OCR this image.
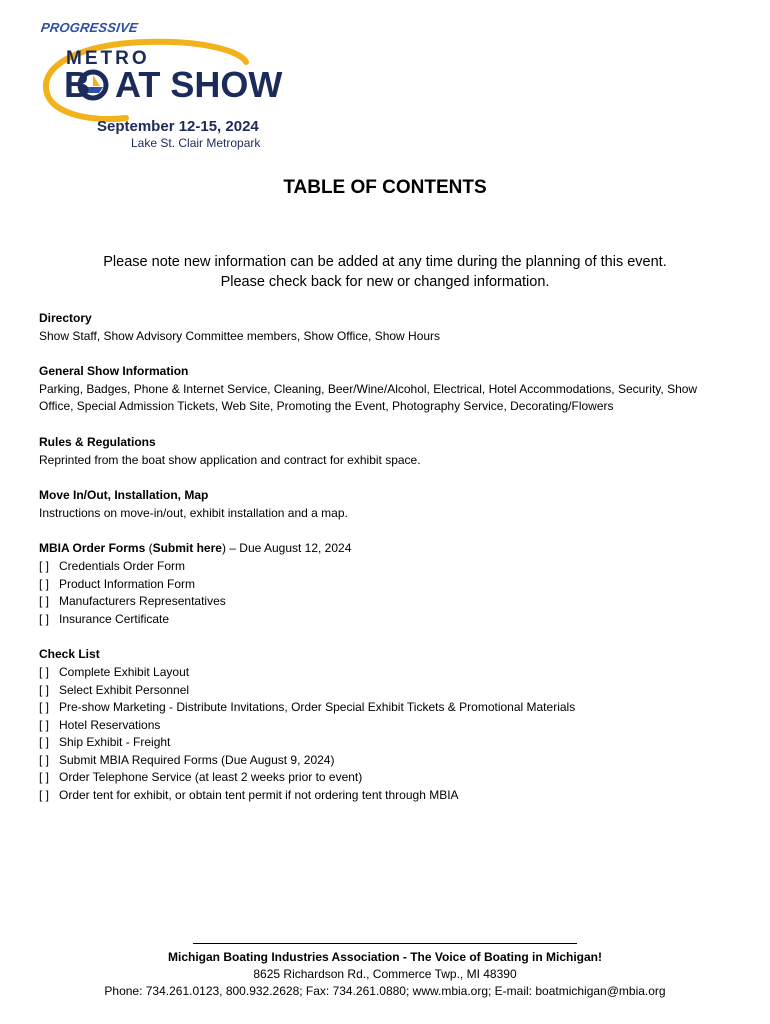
PROGRESSIVE
METRO
B AT SHOW
September 12-15, 2024
Lake St. Clair Metropark
TABLE OF CONTENTS
Please note new information can be added at any time during the planning of this event.
Please check back for new or changed information.
Directory
Show Staff, Show Advisory Committee members, Show Office, Show Hours
General Show Information
Parking, Badges, Phone & Internet Service, Cleaning, Beer/Wine/Alcohol, Electrical, Hotel Accommodations, Security, Show Office, Special Admission Tickets, Web Site, Promoting the Event, Photography Service, Decorating/Flowers
Rules & Regulations
Reprinted from the boat show application and contract for exhibit space.
Move In/Out, Installation, Map
Instructions on move-in/out, exhibit installation and a map.
MBIA Order Forms (Submit here) – Due August 12, 2024
[ ] Credentials Order Form
[ ] Product Information Form
[ ] Manufacturers Representatives
[ ] Insurance Certificate
Check List
[ ] Complete Exhibit Layout
[ ] Select Exhibit Personnel
[ ] Pre-show Marketing - Distribute Invitations, Order Special Exhibit Tickets & Promotional Materials
[ ] Hotel Reservations
[ ] Ship Exhibit - Freight
[ ] Submit MBIA Required Forms (Due August 9, 2024)
[ ] Order Telephone Service (at least 2 weeks prior to event)
[ ] Order tent for exhibit, or obtain tent permit if not ordering tent through MBIA
Michigan Boating Industries Association - The Voice of Boating in Michigan!
8625 Richardson Rd., Commerce Twp., MI 48390
Phone: 734.261.0123, 800.932.2628; Fax: 734.261.0880; www.mbia.org; E-mail: boatmichigan@mbia.org
